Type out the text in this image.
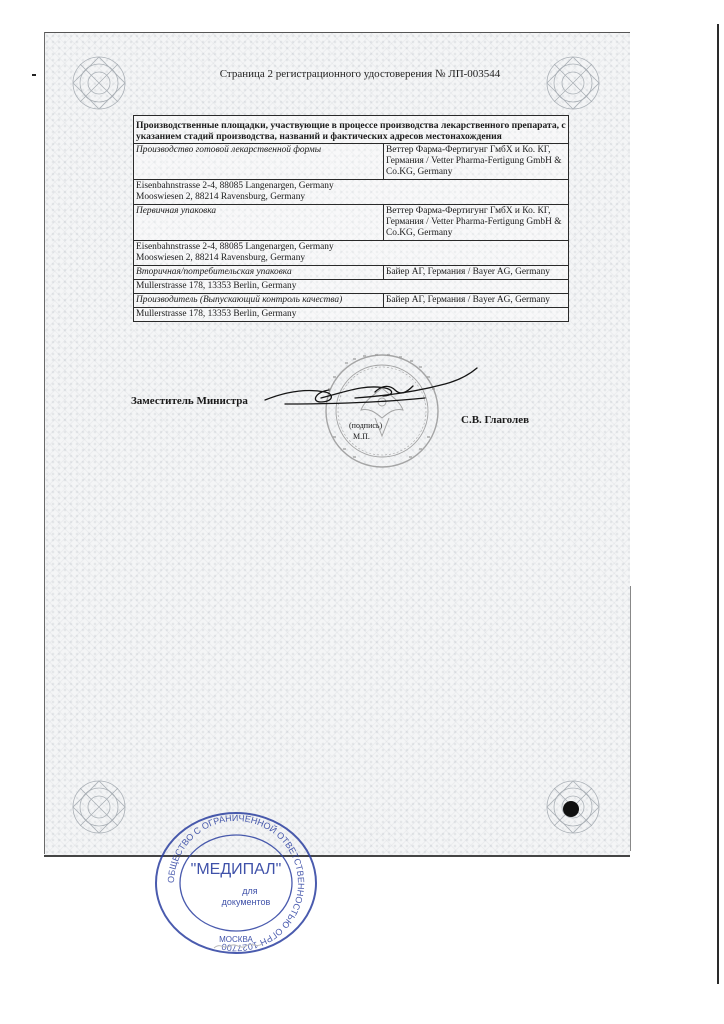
Страница 2 регистрационного удостоверения № ЛП-003544
Производственные площадки, участвующие в процессе производства лекарственного препарата, с указанием стадий производства, названий и фактических адресов местонахождения	
Производство готовой лекарственной формы	Веттер Фарма-Фертигунг ГмбХ и Ко. КГ, Германия / Vetter Pharma-Fertigung GmbH & Co.KG, Germany

Eisenbahnstrasse 2-4, 88085 Langenargen, Germany
Mooswiesen 2, 88214 Ravensburg, Germany	

Первичная упаковка	Веттер Фарма-Фертигунг ГмбХ и Ко. КГ, Германия / Vetter Pharma-Fertigung GmbH & Co.KG, Germany

Eisenbahnstrasse 2-4, 88085 Langenargen, Germany
Mooswiesen 2, 88214 Ravensburg, Germany	

Вторичная/потребительская упаковка	Байер АГ, Германия / Bayer AG, Germany

Mullerstrasse 178, 13353 Berlin, Germany	

Производитель (Выпускающий контроль качества)	Байер АГ, Германия / Bayer AG, Germany

Mullerstrasse 178, 13353 Berlin, Germany	
Заместитель Министра
(подпись)
М.П.
С.В. Глаголев
ОБЩЕСТВО С ОГРАНИЧЕННОЙ ОТВЕТСТВЕННОСТЬЮ ОГРН 1027700
"МЕДИПАЛ"
для
документов
МОСКВА
